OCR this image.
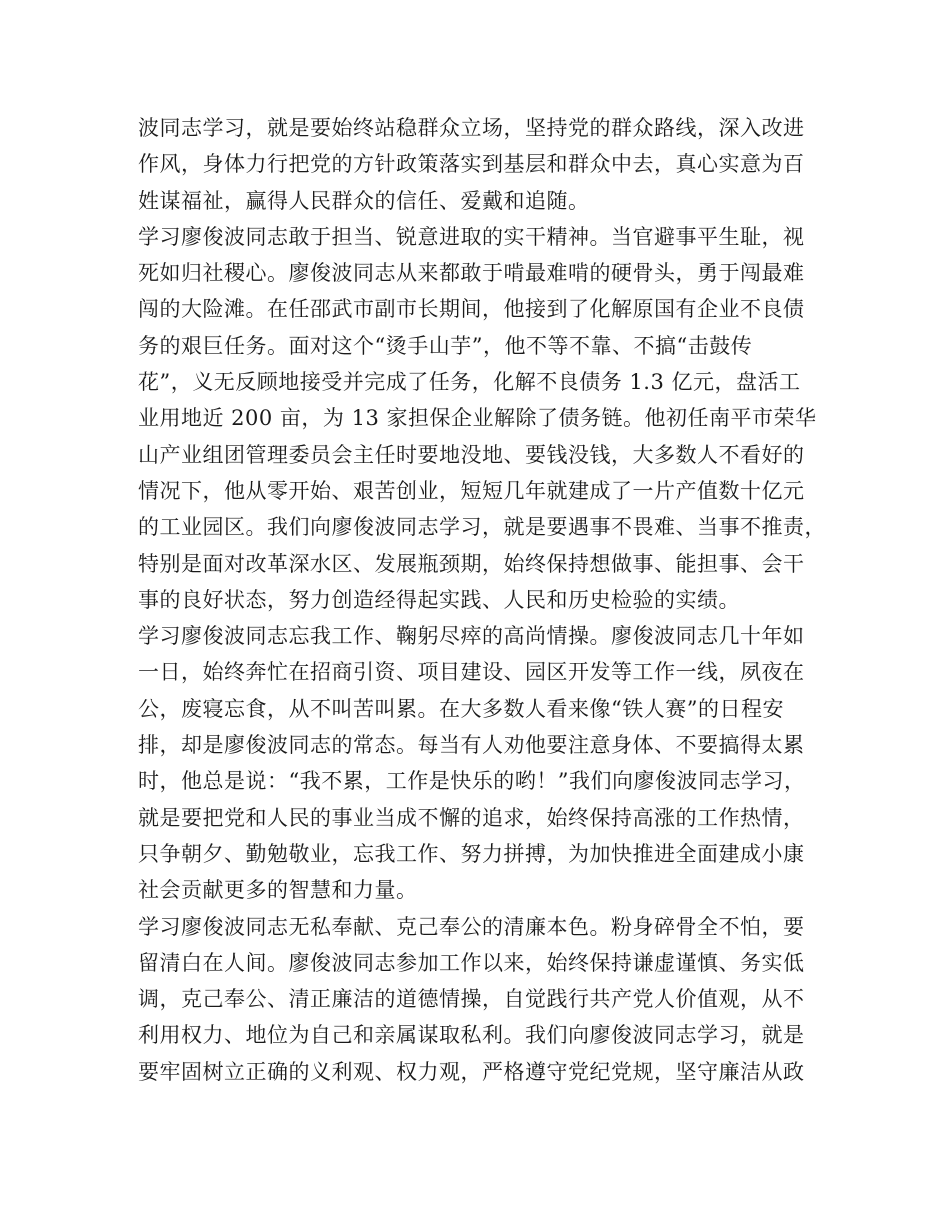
波同志学习，就是要始终站稳群众立场，坚持党的群众路线，深入改进
作风，身体力行把党的方针政策落实到基层和群众中去，真心实意为百
姓谋福祉，赢得人民群众的信任、爱戴和追随。
学习廖俊波同志敢于担当、锐意进取的实干精神。当官避事平生耻，视
死如归社稷心。廖俊波同志从来都敢于啃最难啃的硬骨头，勇于闯最难
闯的大险滩。在任邵武市副市长期间，他接到了化解原国有企业不良债
务的艰巨任务。面对这个“烫手山芋”，他不等不靠、不搞“击鼓传
花”，义无反顾地接受并完成了任务，化解不良债务 1.3 亿元，盘活工
业用地近 200 亩，为 13 家担保企业解除了债务链。他初任南平市荣华
山产业组团管理委员会主任时要地没地、要钱没钱，大多数人不看好的
情况下，他从零开始、艰苦创业，短短几年就建成了一片产值数十亿元
的工业园区。我们向廖俊波同志学习，就是要遇事不畏难、当事不推责，
特别是面对改革深水区、发展瓶颈期，始终保持想做事、能担事、会干
事的良好状态，努力创造经得起实践、人民和历史检验的实绩。
学习廖俊波同志忘我工作、鞠躬尽瘁的高尚情操。廖俊波同志几十年如
一日，始终奔忙在招商引资、项目建设、园区开发等工作一线，夙夜在
公，废寝忘食，从不叫苦叫累。在大多数人看来像“铁人赛”的日程安
排，却是廖俊波同志的常态。每当有人劝他要注意身体、不要搞得太累
时，他总是说：“我不累，工作是快乐的哟！”我们向廖俊波同志学习，
就是要把党和人民的事业当成不懈的追求，始终保持高涨的工作热情，
只争朝夕、勤勉敬业，忘我工作、努力拼搏，为加快推进全面建成小康
社会贡献更多的智慧和力量。
学习廖俊波同志无私奉献、克己奉公的清廉本色。粉身碎骨全不怕，要
留清白在人间。廖俊波同志参加工作以来，始终保持谦虚谨慎、务实低
调，克己奉公、清正廉洁的道德情操，自觉践行共产党人价值观，从不
利用权力、地位为自己和亲属谋取私利。我们向廖俊波同志学习，就是
要牢固树立正确的义利观、权力观，严格遵守党纪党规，坚守廉洁从政
